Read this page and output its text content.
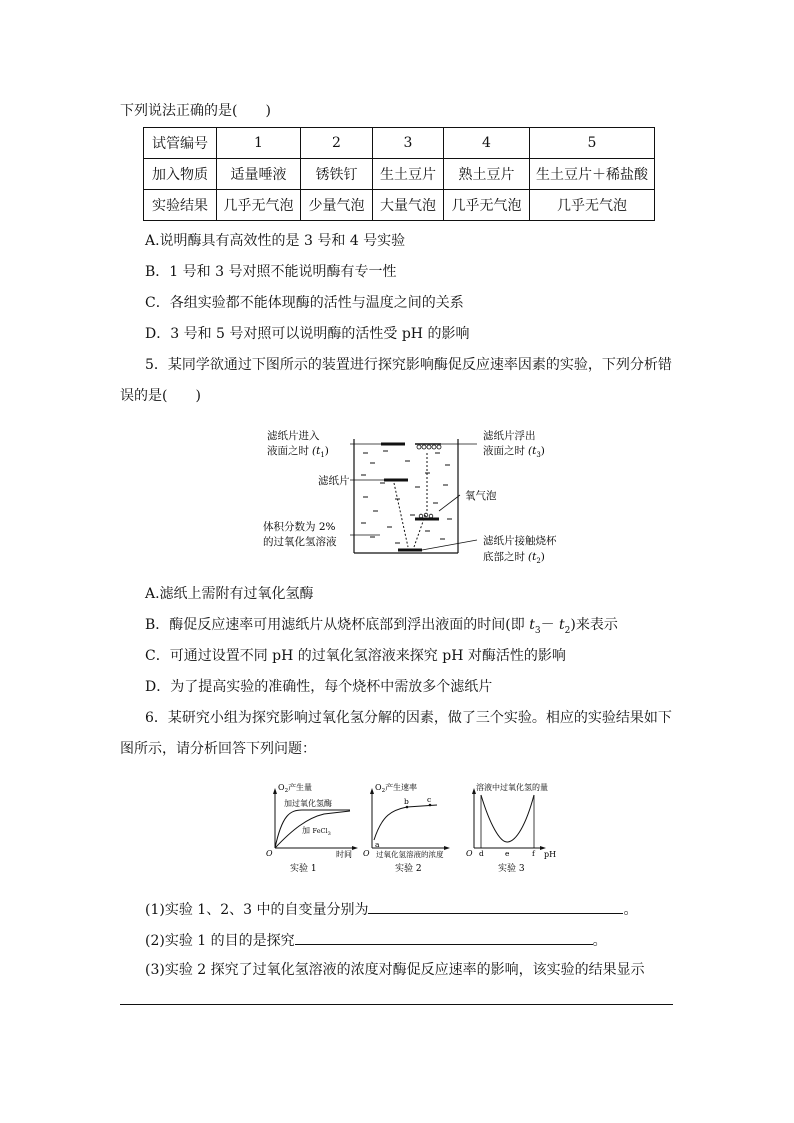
下列说法正确的是(　　)
试管编号	1	2	3	4	5
加入物质	适量唾液	锈铁钉	生土豆片	熟土豆片	生土豆片＋稀盐酸
实验结果	几乎无气泡	少量气泡	大量气泡	几乎无气泡	几乎无气泡
A.说明酶具有高效性的是 3 号和 4 号实验
B．1 号和 3 号对照不能说明酶有专一性
C．各组实验都不能体现酶的活性与温度之间的关系
D．3 号和 5 号对照可以说明酶的活性受 pH 的影响
5．某同学欲通过下图所示的装置进行探究影响酶促反应速率因素的实验，下列分析错
误的是(　　)
滤纸片进入
液面之时 $(t_1)$
滤纸片浮出
液面之时 $(t_3)$
滤纸片
氧气泡
体积分数为 2%
的过氧化氢溶液	滤纸片接触烧杯
底部之时 $(t_2)$
A.滤纸上需附有过氧化氢酶
B．酶促反应速率可用滤纸片从烧杯底部到浮出液面的时间(即 $t_3- t_2$)来表示
C．可通过设置不同 pH 的过氧化氢溶液来探究 pH 对酶活性的影响
D．为了提高实验的准确性，每个烧杯中需放多个滤纸片
6．某研究小组为探究影响过氧化氢分解的因素，做了三个实验。相应的实验结果如下
图所示，请分析回答下列问题：
$O_2$产生量
加过氧化氢酶
加 FeCl$_3$
O	时间
实验 1
$O_2$产生速率
a
b c
O 过氧化氢溶液的浓度
实验 2
溶液中过氧化氢的量
O d	e	f pH
实验 3
(1)实验 1、2、3 中的自变量分别为	。
(2)实验 1 的目的是探究	。
(3)实验 2 探究了过氧化氢溶液的浓度对酶促反应速率的影响，该实验的结果显示
